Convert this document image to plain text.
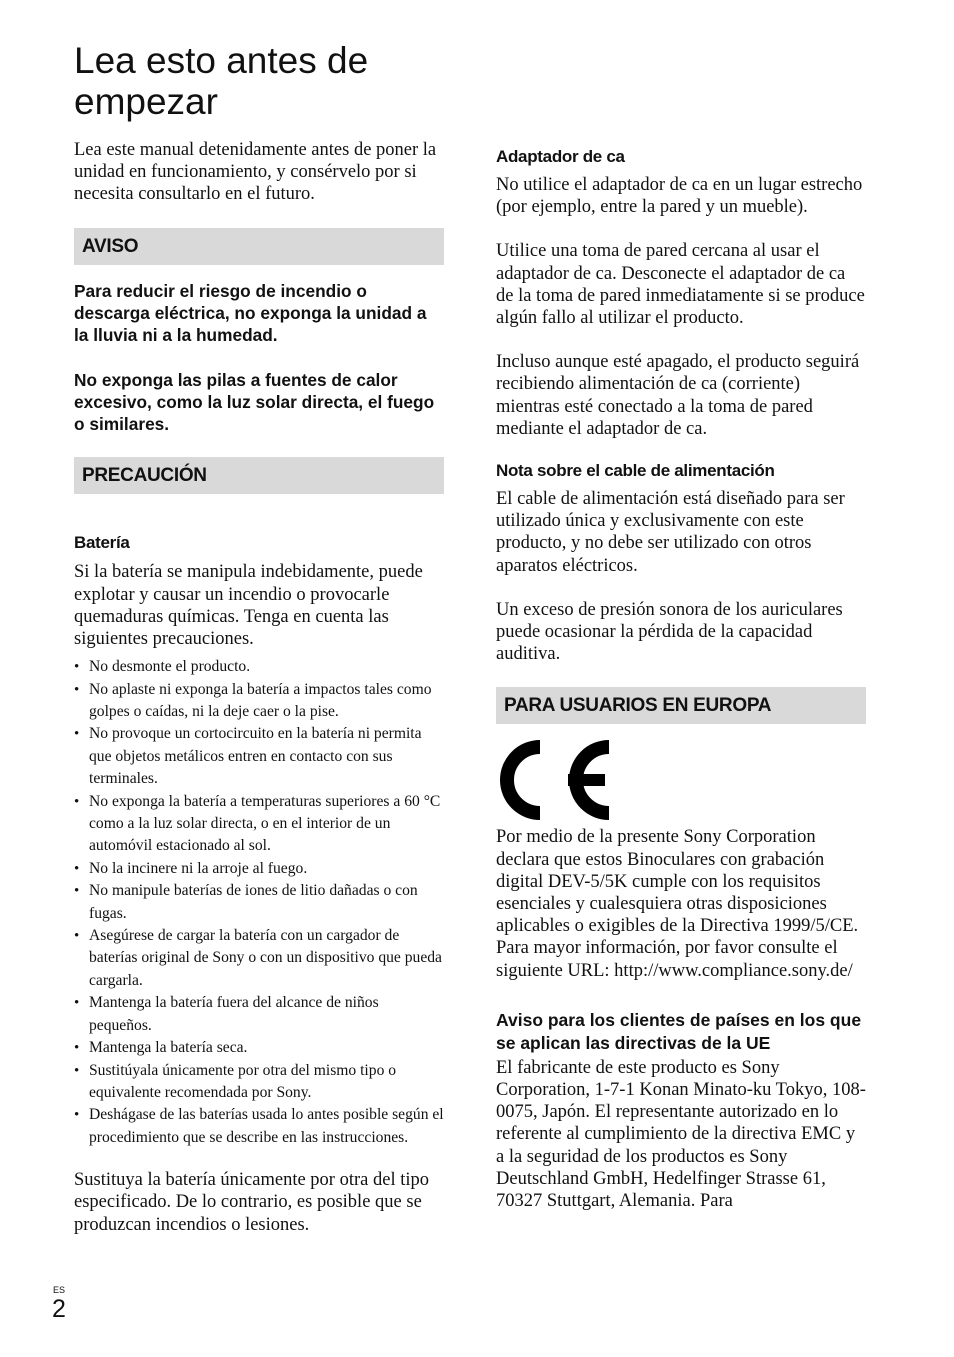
Lea esto antes de empezar

Lea este manual detenidamente antes de poner la unidad en funcionamiento, y consérvelo por si necesita consultarlo en el futuro.

AVISO

Para reducir el riesgo de incendio o descarga eléctrica, no exponga la unidad a la lluvia ni a la humedad.

No exponga las pilas a fuentes de calor excesivo, como la luz solar directa, el fuego o similares.

PRECAUCIÓN
Batería

Si la batería se manipula indebidamente, puede explotar y causar un incendio o provocarle quemaduras químicas. Tenga en cuenta las siguientes precauciones.

• No desmonte el producto.
• No aplaste ni exponga la batería a impactos tales como golpes o caídas, ni la deje caer o la pise.
• No provoque un cortocircuito en la batería ni permita que objetos metálicos entren en contacto con sus terminales.
• No exponga la batería a temperaturas superiores a 60 °C como a la luz solar directa, o en el interior de un automóvil estacionado al sol.
• No la incinere ni la arroje al fuego.
• No manipule baterías de iones de litio dañadas o con fugas.
• Asegúrese de cargar la batería con un cargador de baterías original de Sony o con un dispositivo que pueda cargarla.
• Mantenga la batería fuera del alcance de niños pequeños.
• Mantenga la batería seca.
• Sustitúyala únicamente por otra del mismo tipo o equivalente recomendada por Sony.
• Deshágase de las baterías usada lo antes posible según el procedimiento que se describe en las instrucciones.

Sustituya la batería únicamente por otra del tipo especificado. De lo contrario, es posible que se produzcan incendios o lesiones.

Adaptador de ca

No utilice el adaptador de ca en un lugar estrecho (por ejemplo, entre la pared y un mueble).

Utilice una toma de pared cercana al usar el adaptador de ca. Desconecte el adaptador de ca de la toma de pared inmediatamente si se produce algún fallo al utilizar el producto.

Incluso aunque esté apagado, el producto seguirá recibiendo alimentación de ca (corriente) mientras esté conectado a la toma de pared mediante el adaptador de ca.

Nota sobre el cable de alimentación

El cable de alimentación está diseñado para ser utilizado única y exclusivamente con este producto, y no debe ser utilizado con otros aparatos eléctricos.

Un exceso de presión sonora de los auriculares puede ocasionar la pérdida de la capacidad auditiva.

PARA USUARIOS EN EUROPA

Por medio de la presente Sony Corporation declara que estos Binoculares con grabación digital DEV-5/5K cumple con los requisitos esenciales y cualesquiera otras disposiciones aplicables o exigibles de la Directiva 1999/5/CE. Para mayor información, por favor consulte el siguiente URL: http://www.compliance.sony.de/

Aviso para los clientes de países en los que se aplican las directivas de la UE

El fabricante de este producto es Sony Corporation, 1-7-1 Konan Minato-ku Tokyo, 108-0075, Japón. El representante autorizado en lo referente al cumplimiento de la directiva EMC y a la seguridad de los productos es Sony Deutschland GmbH, Hedelfinger Strasse 61, 70327 Stuttgart, Alemania. Para

ES
2
